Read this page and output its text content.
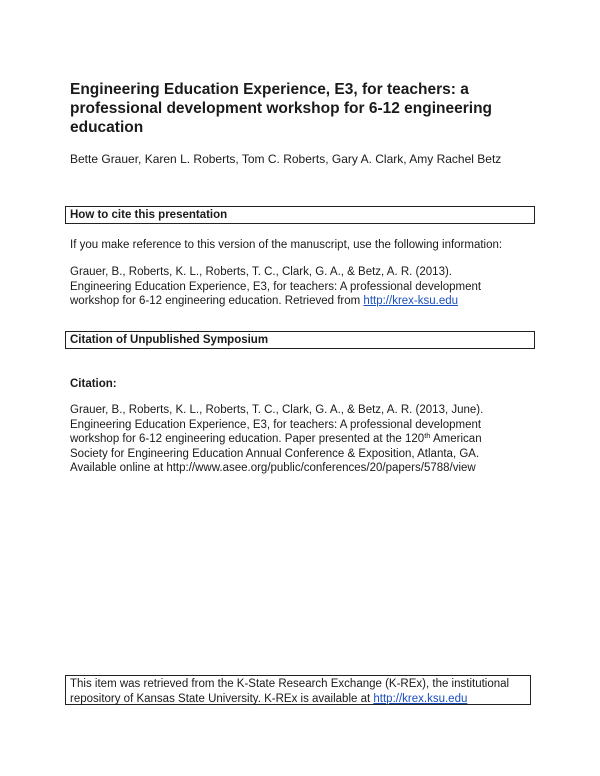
Engineering Education Experience, E3, for teachers: a
professional development workshop for 6-12 engineering
education
Bette Grauer, Karen L. Roberts, Tom C. Roberts, Gary A. Clark, Amy Rachel Betz
How to cite this presentation

If you make reference to this version of the manuscript, use the following information:

Grauer, B., Roberts, K. L., Roberts, T. C., Clark, G. A., & Betz, A. R. (2013).
Engineering Education Experience, E3, for teachers: A professional development
workshop for 6-12 engineering education. Retrieved from http://krex-ksu.edu

Citation of Unpublished Symposium

Citation:

Grauer, B., Roberts, K. L., Roberts, T. C., Clark, G. A., & Betz, A. R. (2013, June).
Engineering Education Experience, E3, for teachers: A professional development
workshop for 6-12 engineering education. Paper presented at the 120th American
Society for Engineering Education Annual Conference & Exposition, Atlanta, GA.
Available online at http://www.asee.org/public/conferences/20/papers/5788/view

This item was retrieved from the K-State Research Exchange (K-REx), the institutional
repository of Kansas State University. K-REx is available at http://krex.ksu.edu
